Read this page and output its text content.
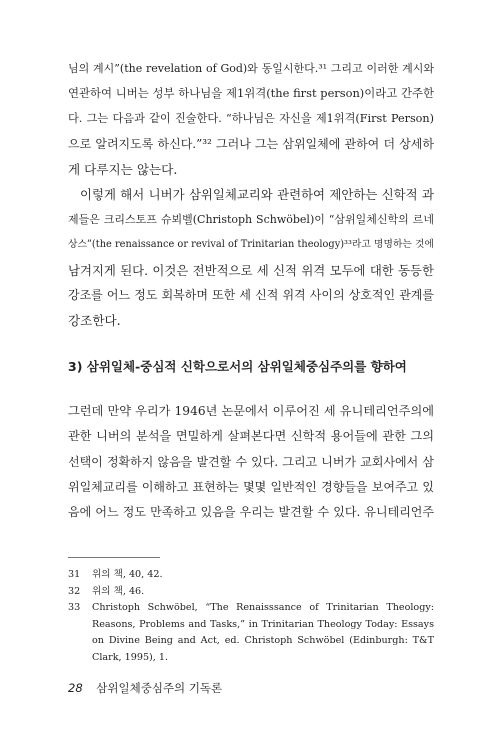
님의 계시”(the revelation of God)와 동일시한다.³¹ 그리고 이러한 계시와
연관하여 니버는 성부 하나님을 제1위격(the first person)이라고 간주한
다. 그는 다음과 같이 진술한다. “하나님은 자신을 제1위격(First Person)
으로 알려지도록 하신다.”³² 그러나 그는 삼위일체에 관하여 더 상세하
게 다루지는 않는다.
이렇게 해서 니버가 삼위일체교리와 관련하여 제안하는 신학적 과
제들은 크리스토프 슈뵈벨(Christoph Schwöbel)이 “삼위일체신학의 르네
상스”(the renaissance or revival of Trinitarian theology)³³라고 명명하는 것에
남겨지게 된다. 이것은 전반적으로 세 신적 위격 모두에 대한 동등한
강조를 어느 정도 회복하며 또한 세 신적 위격 사이의 상호적인 관계를
강조한다.
3) 삼위일체-중심적 신학으로서의 삼위일체중심주의를 향하여
그런데 만약 우리가 1946년 논문에서 이루어진 세 유니테리언주의에
관한 니버의 분석을 면밀하게 살펴본다면 신학적 용어들에 관한 그의
선택이 정확하지 않음을 발견할 수 있다. 그리고 니버가 교회사에서 삼
위일체교리를 이해하고 표현하는 몇몇 일반적인 경향들을 보여주고 있
음에 어느 정도 만족하고 있음을 우리는 발견할 수 있다. 유니테리언주
31	위의 책, 40, 42.
32	위의 책, 46.
33	Christoph Schwöbel, “The Renaisssance of Trinitarian Theology: Reasons, Problems and Tasks,” in Trinitarian Theology Today: Essays on Divine Being and Act, ed. Christoph Schwöbel (Edinburgh: T&T Clark, 1995), 1.
28 삼위일체중심주의 기독론
